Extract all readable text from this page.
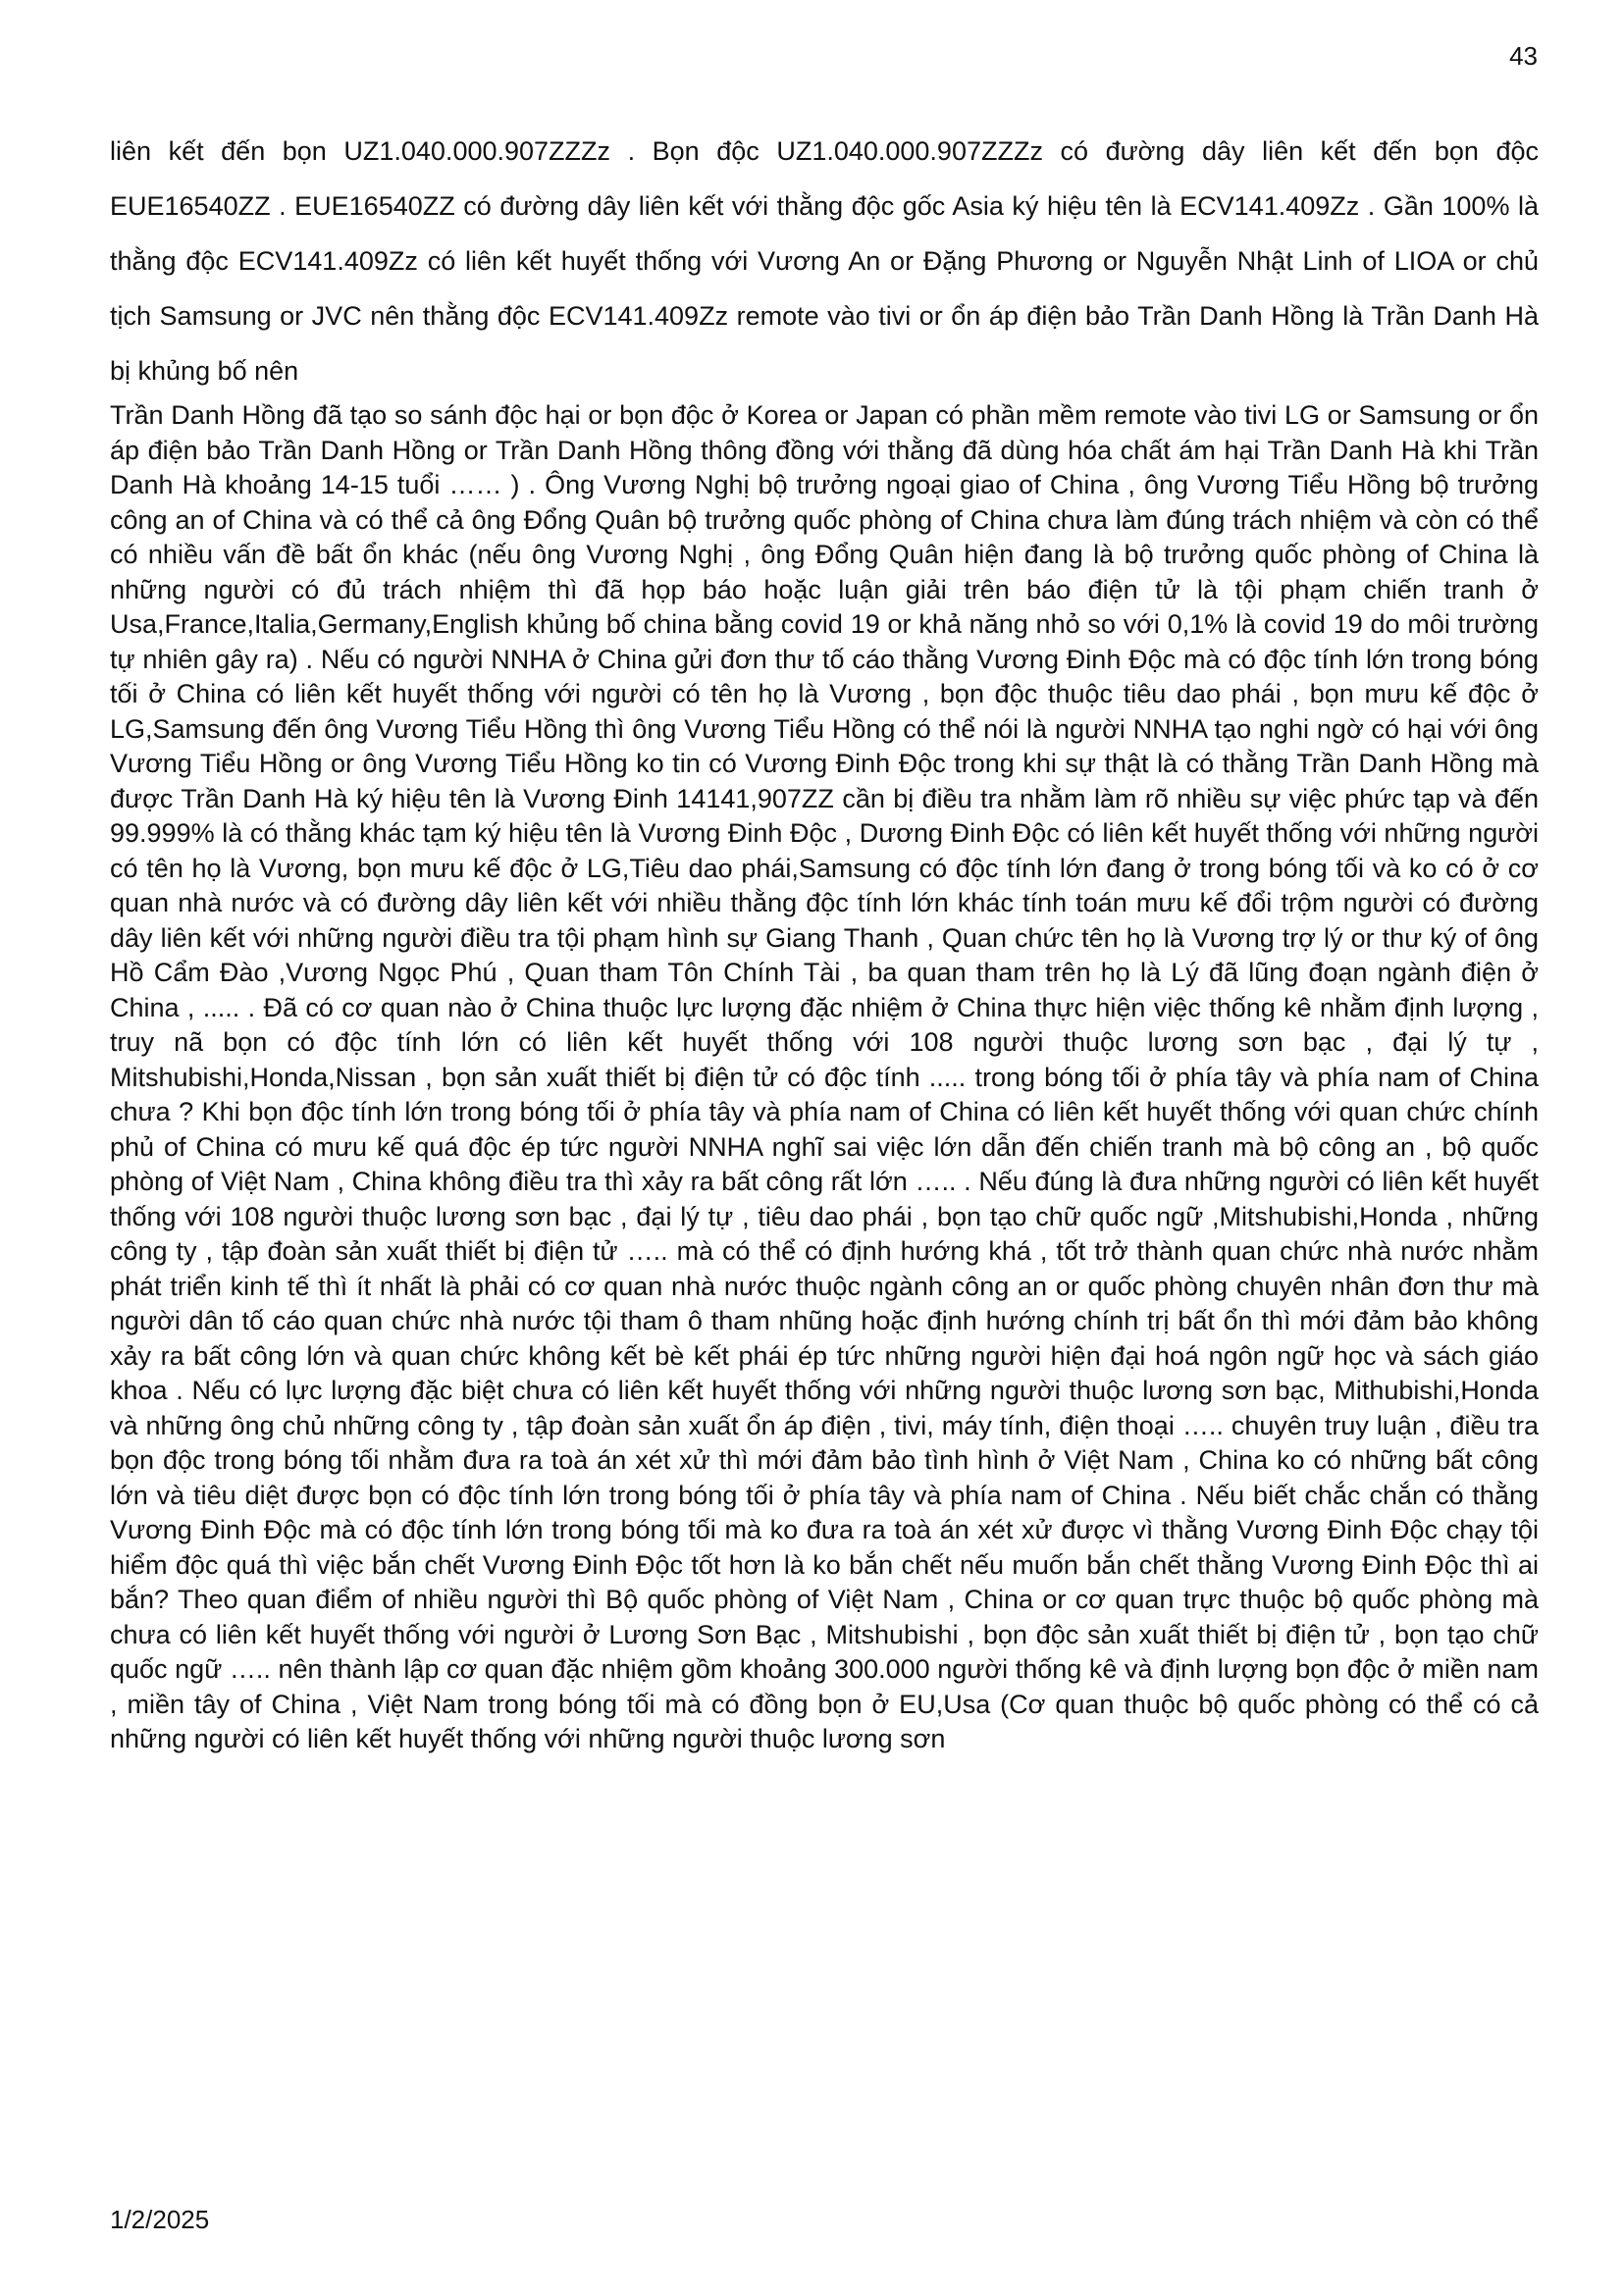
43
liên kết đến bọn UZ1.040.000.907ZZZz . Bọn độc UZ1.040.000.907ZZZz có đường dây liên kết đến bọn độc EUE16540ZZ . EUE16540ZZ có đường dây liên kết với thằng độc gốc Asia ký hiệu tên là ECV141.409Zz . Gần 100% là thằng độc ECV141.409Zz có liên kết huyết thống với Vương An or Đặng Phương or Nguyễn Nhật Linh of LIOA or chủ tịch Samsung or JVC nên thằng độc ECV141.409Zz remote vào tivi or ổn áp điện bảo Trần Danh Hồng là Trần Danh Hà bị khủng bố nên
Trần Danh Hồng đã tạo so sánh độc hại or bọn độc ở Korea or Japan có phần mềm remote vào tivi LG or Samsung or ổn áp điện bảo Trần Danh Hồng or Trần Danh Hồng thông đồng với thằng đã dùng hóa chất ám hại Trần Danh Hà khi Trần Danh Hà khoảng 14-15 tuổi …… ) . Ông Vương Nghị bộ trưởng ngoại giao of China , ông Vương Tiểu Hồng bộ trưởng công an of China và có thể cả ông Đổng Quân bộ trưởng quốc phòng of China chưa làm đúng trách nhiệm và còn có thể có nhiều vấn đề bất ổn khác (nếu ông Vương Nghị , ông Đổng Quân hiện đang là bộ trưởng quốc phòng of China là những người có đủ trách nhiệm thì đã họp báo hoặc luận giải trên báo điện tử là tội phạm chiến tranh ở Usa,France,Italia,Germany,English khủng bố china bằng covid 19 or khả năng nhỏ so với 0,1% là covid 19 do môi trường tự nhiên gây ra) . Nếu có người NNHA ở China gửi đơn thư tố cáo thằng Vương Đinh Độc mà có độc tính lớn trong bóng tối ở China có liên kết huyết thống với người có tên họ là Vương , bọn độc thuộc tiêu dao phái , bọn mưu kế độc ở LG,Samsung đến ông Vương Tiểu Hồng thì ông Vương Tiểu Hồng có thể nói là người NNHA tạo nghi ngờ có hại với ông Vương Tiểu Hồng or ông Vương Tiểu Hồng ko tin có Vương Đinh Độc trong khi sự thật là có thằng Trần Danh Hồng mà được Trần Danh Hà ký hiệu tên là Vương Đinh 14141,907ZZ cần bị điều tra nhằm làm rõ nhiều sự việc phức tạp và đến 99.999% là có thằng khác tạm ký hiệu tên là Vương Đinh Độc , Dương Đinh Độc có liên kết huyết thống với những người có tên họ là Vương, bọn mưu kế độc ở LG,Tiêu dao phái,Samsung có độc tính lớn đang ở trong bóng tối và ko có ở cơ quan nhà nước và có đường dây liên kết với nhiều thằng độc tính lớn khác tính toán mưu kế đổi trộm người có đường dây liên kết với những người điều tra tội phạm hình sự Giang Thanh , Quan chức tên họ là Vương trợ lý or thư ký of ông Hồ Cẩm Đào ,Vương Ngọc Phú , Quan tham Tôn Chính Tài , ba quan tham trên họ là Lý đã lũng đoạn ngành điện ở China , ..... . Đã có cơ quan nào ở China thuộc lực lượng đặc nhiệm ở China thực hiện việc thống kê nhằm định lượng , truy nã bọn có độc tính lớn có liên kết huyết thống với 108 người thuộc lương sơn bạc , đại lý tự , Mitshubishi,Honda,Nissan , bọn sản xuất thiết bị điện tử có độc tính ..... trong bóng tối ở phía tây và phía nam of China chưa ? Khi bọn độc tính lớn trong bóng tối ở phía tây và phía nam of China có liên kết huyết thống với quan chức chính phủ of China có mưu kế quá độc ép tức người NNHA nghĩ sai việc lớn dẫn đến chiến tranh mà bộ công an , bộ quốc phòng of Việt Nam , China không điều tra thì xảy ra bất công rất lớn ….. . Nếu đúng là đưa những người có liên kết huyết thống với 108 người thuộc lương sơn bạc , đại lý tự , tiêu dao phái , bọn tạo chữ quốc ngữ ,Mitshubishi,Honda , những công ty , tập đoàn sản xuất thiết bị điện tử ….. mà có thể có định hướng khá , tốt trở thành quan chức nhà nước nhằm phát triển kinh tế thì ít nhất là phải có cơ quan nhà nước thuộc ngành công an or quốc phòng chuyên nhân đơn thư mà người dân tố cáo quan chức nhà nước tội tham ô tham nhũng hoặc định hướng chính trị bất ổn thì mới đảm bảo không xảy ra bất công lớn và quan chức không kết bè kết phái ép tức những người hiện đại hoá ngôn ngữ học và sách giáo khoa . Nếu có lực lượng đặc biệt chưa có liên kết huyết thống với những người thuộc lương sơn bạc, Mithubishi,Honda và những ông chủ những công ty , tập đoàn sản xuất ổn áp điện , tivi, máy tính, điện thoại ….. chuyên truy luận , điều tra bọn độc trong bóng tối nhằm đưa ra toà án xét xử thì mới đảm bảo tình hình ở Việt Nam , China ko có những bất công lớn và tiêu diệt được bọn có độc tính lớn trong bóng tối ở phía tây và phía nam of China . Nếu biết chắc chắn có thằng Vương Đinh Độc mà có độc tính lớn trong bóng tối mà ko đưa ra toà án xét xử được vì thằng Vương Đinh Độc chạy tội hiểm độc quá thì việc bắn chết Vương Đinh Độc tốt hơn là ko bắn chết nếu muốn bắn chết thằng Vương Đinh Độc thì ai bắn? Theo quan điểm of nhiều người thì Bộ quốc phòng of Việt Nam , China or cơ quan trực thuộc bộ quốc phòng mà chưa có liên kết huyết thống với người ở Lương Sơn Bạc , Mitshubishi , bọn độc sản xuất thiết bị điện tử , bọn tạo chữ quốc ngữ ….. nên thành lập cơ quan đặc nhiệm gồm khoảng 300.000 người thống kê và định lượng bọn độc ở miền nam , miền tây of China , Việt Nam trong bóng tối mà có đồng bọn ở EU,Usa (Cơ quan thuộc bộ quốc phòng có thể có cả những người có liên kết huyết thống với những người thuộc lương sơn
1/2/2025
